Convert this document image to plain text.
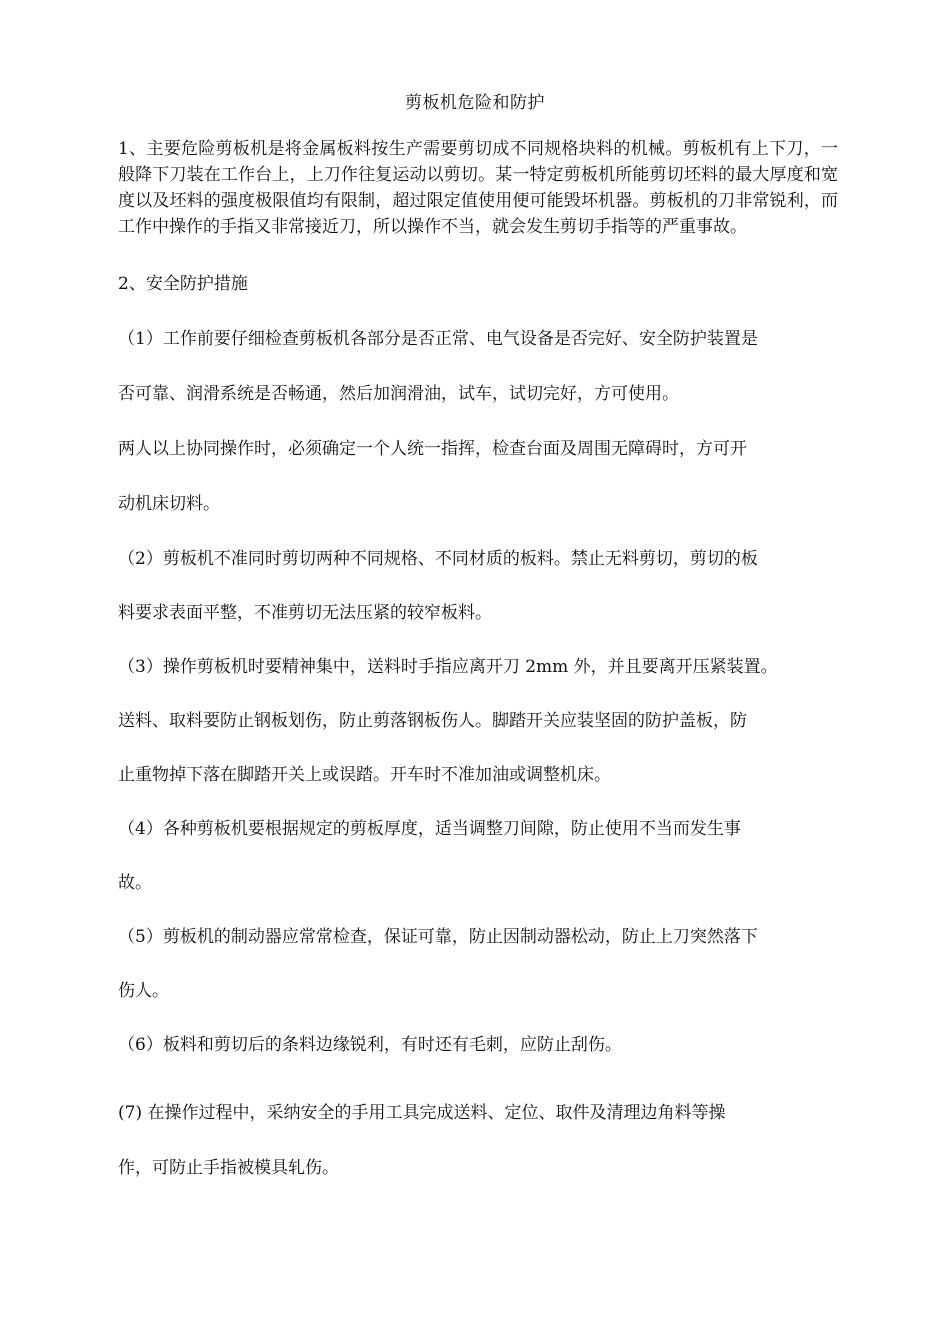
剪板机危险和防护
1、主要危险剪板机是将金属板料按生产需要剪切成不同规格块料的机械。剪板机有上下刀，一般降下刀装在工作台上，上刀作往复运动以剪切。某一特定剪板机所能剪切坯料的最大厚度和宽度以及坯料的强度极限值均有限制，超过限定值使用便可能毁坏机器。剪板机的刀非常锐利，而工作中操作的手指又非常接近刀，所以操作不当，就会发生剪切手指等的严重事故。
2、安全防护措施
（1）工作前要仔细检查剪板机各部分是否正常、电气设备是否完好、安全防护装置是
否可靠、润滑系统是否畅通，然后加润滑油，试车，试切完好，方可使用。
两人以上协同操作时，必须确定一个人统一指挥，检查台面及周围无障碍时，方可开
动机床切料。
（2）剪板机不准同时剪切两种不同规格、不同材质的板料。禁止无料剪切，剪切的板
料要求表面平整，不准剪切无法压紧的较窄板料。
（3）操作剪板机时要精神集中，送料时手指应离开刀 2mm 外，并且要离开压紧装置。
送料、取料要防止钢板划伤，防止剪落钢板伤人。脚踏开关应装坚固的防护盖板，防
止重物掉下落在脚踏开关上或误踏。开车时不准加油或调整机床。
（4）各种剪板机要根据规定的剪板厚度，适当调整刀间隙，防止使用不当而发生事
故。
（5）剪板机的制动器应常常检查，保证可靠，防止因制动器松动，防止上刀突然落下
伤人。
（6）板料和剪切后的条料边缘锐利，有时还有毛刺，应防止刮伤。
(7) 在操作过程中，采纳安全的手用工具完成送料、定位、取件及清理边角料等操
作，可防止手指被模具轧伤。
